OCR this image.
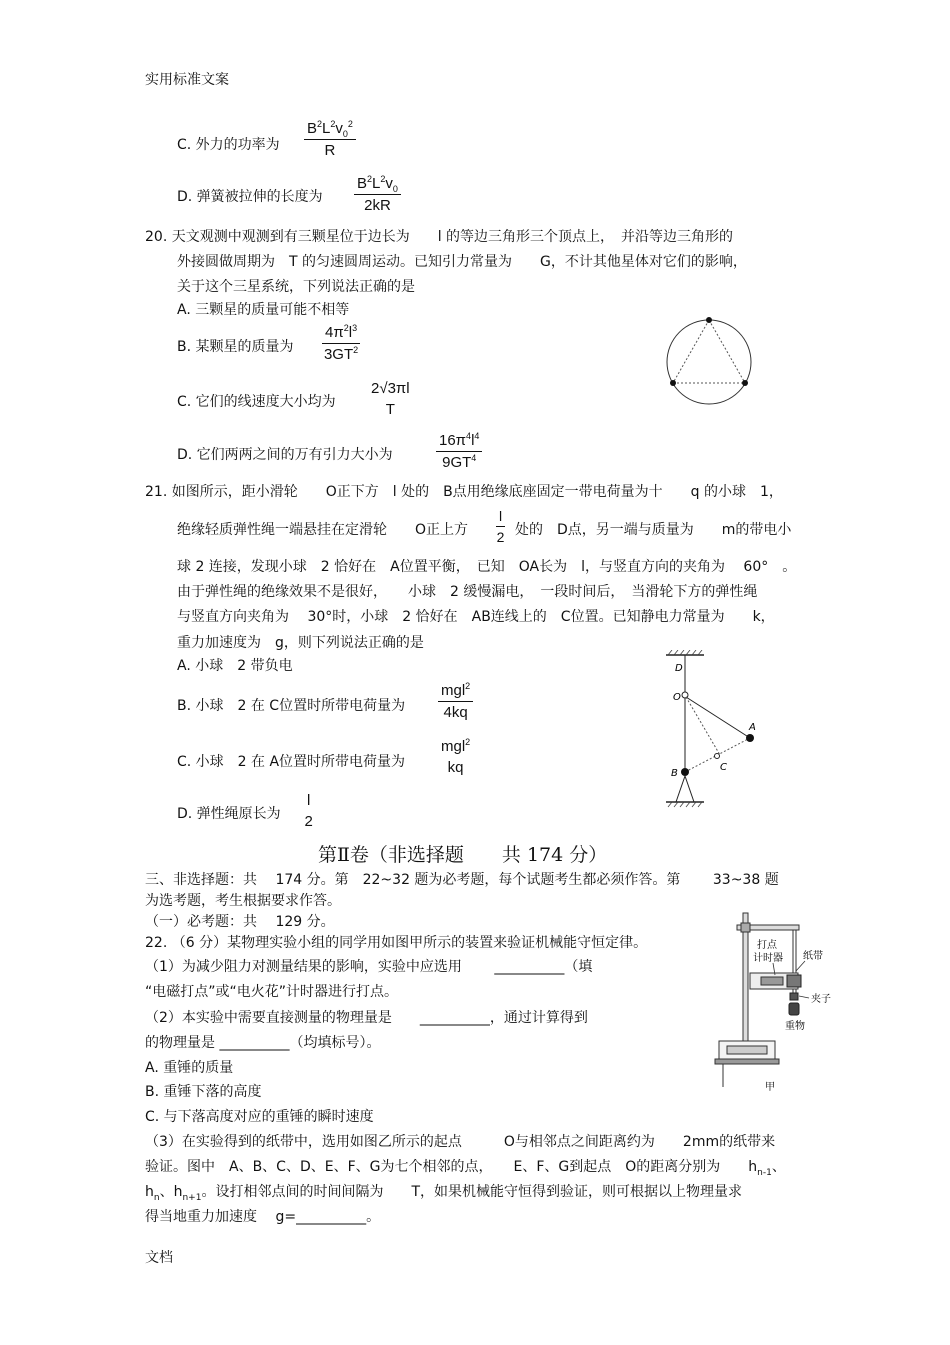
实用标准文案
C. 外力的功率为 $\frac{B^2L^2v_0^2}{R}$
D. 弹簧被拉伸的长度为 $\frac{B^2L^2v_0}{2kR}$
20. 天文观测中观测到有三颗星位于边长为　　l 的等边三角形三个顶点上，　并沿等边三角形的
外接圆做周期为　T 的匀速圆周运动。已知引力常量为　　G，不计其他星体对它们的影响，
关于这个三星系统，下列说法正确的是
A. 三颗星的质量可能不相等
B. 某颗星的质量为 $\frac{4\pi^2l^3}{3GT^2}$
C. 它们的线速度大小均为
2√3πl
T
D. 它们两两之间的万有引力大小为	$\frac{16\pi^4l^4}{9GT^4}$
21. 如图所示，距小滑轮　　O正下方　l 处的　B点用绝缘底座固定一带电荷量为十　　q 的小球　1，
绝缘轻质弹性绳一端悬挂在定滑轮　　O正上方 $\frac{l}{2}$ 处的　D点，另一端与质量为　　m的带电小
球 2 连接，发现小球　2 恰好在　A位置平衡，　已知　OA长为　l，与竖直方向的夹角为　 60°　。
由于弹性绳的绝缘效果不是很好，　　小球　2 缓慢漏电，　一段时间后，　当滑轮下方的弹性绳
与竖直方向夹角为　 30°时，小球　2 恰好在　AB连线上的　C位置。已知静电力常量为　　k，
重力加速度为　g，则下列说法正确的是
A. 小球　2 带负电
B. 小球　2 在 C位置时所带电荷量为
mgl$^2$
4kq
C. 小球　2 在 A位置时所带电荷量为
mgl$^2$
kq
D. 弹性绳原长为
l
2
D
O
A
C
B
第Ⅱ卷（非选择题　　共 174 分）
三、非选择题：共　 174 分。第　22~32 题为必考题，每个试题考生都必须作答。第　　 33~38 题
为选考题，考生根据要求作答。
（一）必考题：共　 129 分。
22. （6 分）某物理实验小组的同学用如图甲所示的装置来验证机械能守恒定律。
（1）为减少阻力对测量结果的影响，实验中应选用　　 __________（填
“电磁打点”或“电火花”计时器进行打点。
（2）本实验中需要直接测量的物理量是　　__________，通过计算得到
的物理量是 __________（均填标号）。
A. 重锤的质量
B. 重锤下落的高度
C. 与下落高度对应的重锤的瞬时速度
（3）在实验得到的纸带中，选用如图乙所示的起点　　　O与相邻点之间距离约为　　2mm的纸带来
验证。图中　A、B、C、D、E、F、G为七个相邻的点，　　E、F、G到起点　O的距离分别为　　$h_{n-1}$、
$h_n$、$h_{n+1}$。设打相邻点间的时间间隔为　　T，如果机械能守恒得到验证，则可根据以上物理量求
得当地重力加速度　 g=__________。
打点
计时器 纸带
夹子
重物
甲
文档
